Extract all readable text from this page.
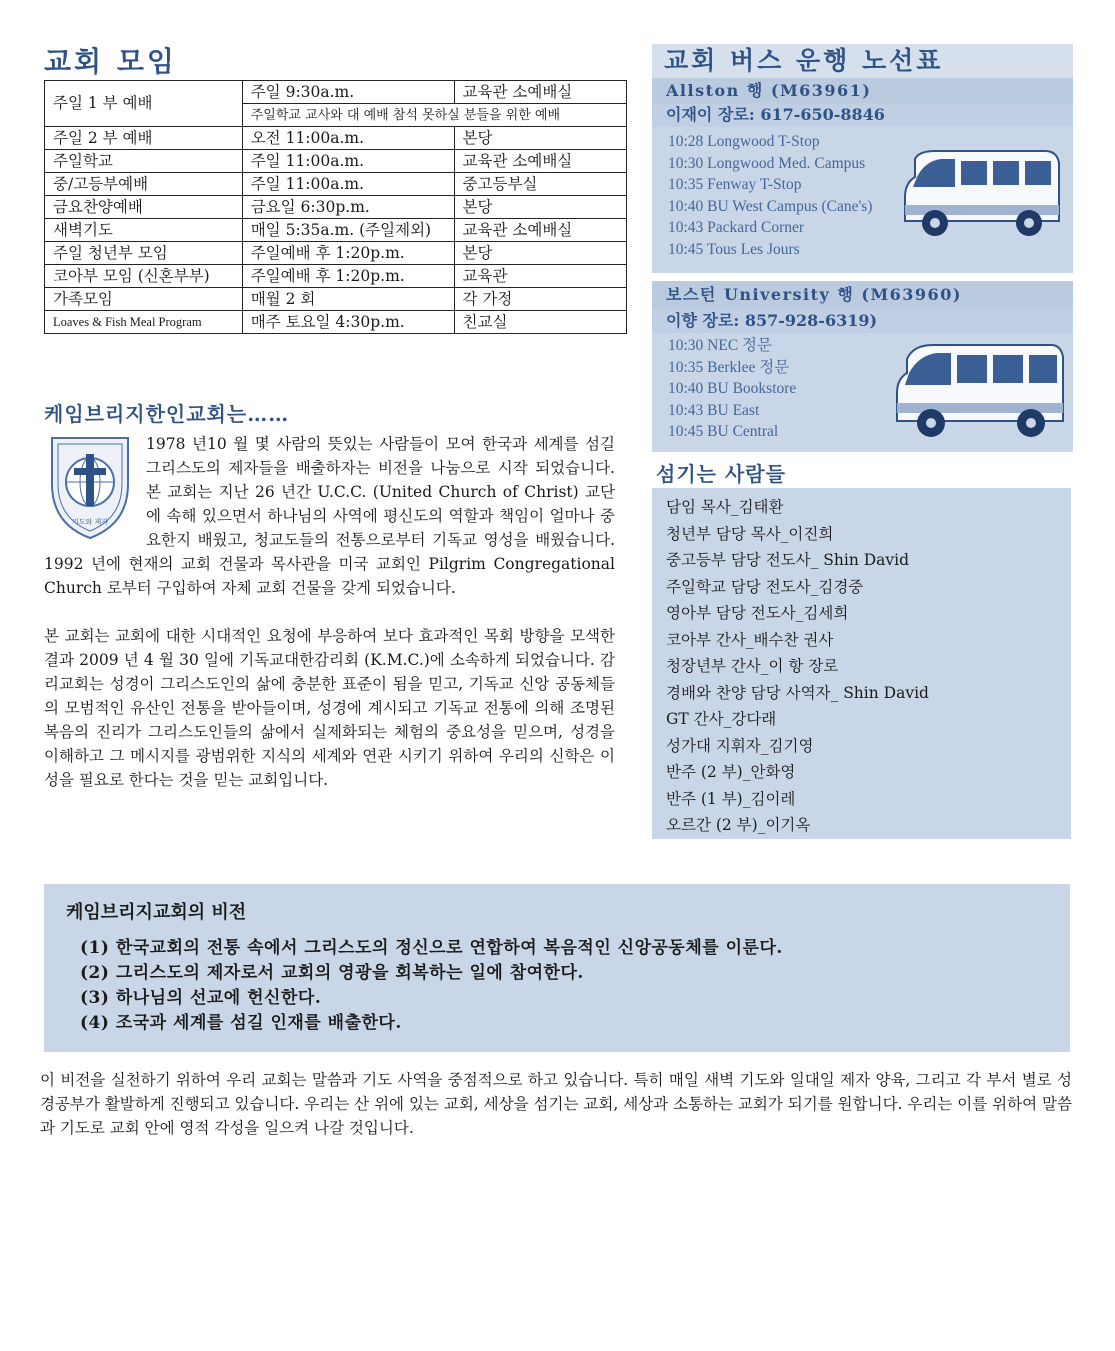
교회 모임
주일 1 부 예배	주일 9:30a.m.	교육관 소예배실
	주일학교 교사와 대 예배 참석 못하실 분들을 위한 예배	
주일 2 부 예배	오전 11:00a.m.	본당
주일학교	주일 11:00a.m.	교육관 소예배실
중/고등부예배	주일 11:00a.m.	중고등부실
금요찬양예배	금요일 6:30p.m.	본당
새벽기도	매일 5:35a.m. (주일제외)	교육관 소예배실
주일 청년부 모임	주일예배 후 1:20p.m.	본당
코아부 모임 (신혼부부)	주일예배 후 1:20p.m.	교육관
가족모임	매월 2 회	각 가정
Loaves & Fish Meal Program	매주 토요일 4:30p.m.	친교실
케임브리지한인교회는……
기도와 제자
1978 년10 월 몇 사람의 뜻있는 사람들이 모여 한국과 세계를 섬길 그리스도의 제자들을 배출하자는 비전을 나눔으로 시작 되었습니다. 본 교회는 지난 26 년간 U.C.C. (United Church of Christ) 교단에 속해 있으면서 하나님의 사역에 평신도의 역할과 책임이 얼마나 중요한지 배웠고, 청교도들의 전통으로부터 기독교 영성을 배웠습니다. 1992 년에 현재의 교회 건물과 목사관을 미국 교회인 Pilgrim Congregational Church 로부터 구입하여 자체 교회 건물을 갖게 되었습니다.
본 교회는 교회에 대한 시대적인 요청에 부응하여 보다 효과적인 목회 방향을 모색한 결과 2009 년 4 월 30 일에 기독교대한감리회 (K.M.C.)에 소속하게 되었습니다. 감리교회는 성경이 그리스도인의 삶에 충분한 표준이 됨을 믿고, 기독교 신앙 공동체들의 모범적인 유산인 전통을 받아들이며, 성경에 계시되고 기독교 전통에 의해 조명된 복음의 진리가 그리스도인들의 삶에서 실제화되는 체험의 중요성을 믿으며, 성경을 이해하고 그 메시지를 광범위한 지식의 세계와 연관 시키기 위하여 우리의 신학은 이성을 필요로 한다는 것을 믿는 교회입니다.
교회 버스 운행 노선표
Allston 행 (M63961)
이재이 장로: 617-650-8846
10:28 Longwood T-Stop
10:30 Longwood Med. Campus
10:35 Fenway T-Stop
10:40 BU West Campus (Cane's)
10:43 Packard Corner
10:45 Tous Les Jours
보스턴 University 행 (M63960)
이향 장로: 857-928-6319)
10:30 NEC 정문
10:35 Berklee 정문
10:40 BU Bookstore
10:43 BU East
10:45 BU Central
섬기는 사람들
담임 목사_김태환
청년부 담당 목사_이진희
중고등부 담당 전도사_ Shin David
주일학교 담당 전도사_김경중
영아부 담당 전도사_김세희
코아부 간사_배수찬 권사
청장년부 간사_이 항 장로
경배와 찬양 담당 사역자_ Shin David
GT 간사_강다래
성가대 지휘자_김기영
반주 (2 부)_안화영
반주 (1 부)_김이레
오르간 (2 부)_이기옥
케임브리지교회의 비전
(1) 한국교회의 전통 속에서 그리스도의 정신으로 연합하여 복음적인 신앙공동체를 이룬다.
(2) 그리스도의 제자로서 교회의 영광을 회복하는 일에 참여한다.
(3) 하나님의 선교에 헌신한다.
(4) 조국과 세계를 섬길 인재를 배출한다.
이 비전을 실천하기 위하여 우리 교회는 말씀과 기도 사역을 중점적으로 하고 있습니다. 특히 매일 새벽 기도와 일대일 제자 양육, 그리고 각 부서 별로 성경공부가 활발하게 진행되고 있습니다. 우리는 산 위에 있는 교회, 세상을 섬기는 교회, 세상과 소통하는 교회가 되기를 원합니다. 우리는 이를 위하여 말씀과 기도로 교회 안에 영적 각성을 일으켜 나갈 것입니다.
